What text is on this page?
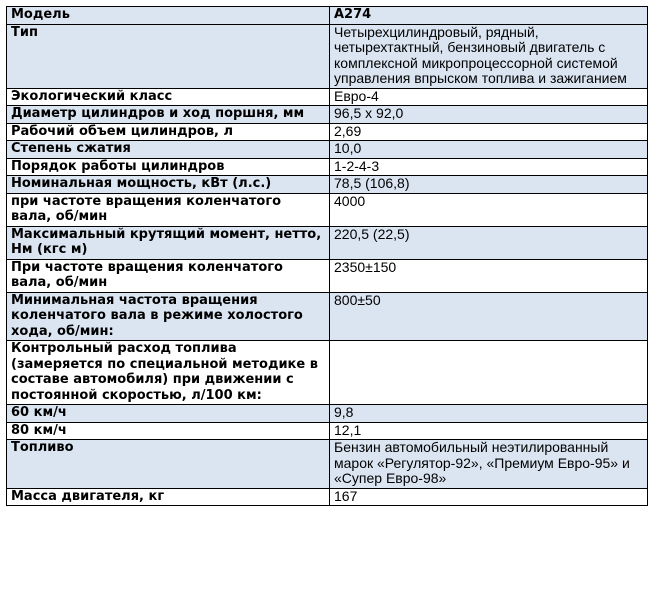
Модель	A274
Тип	Четырехцилиндровый, рядный, четырехтактный, бензиновый двигатель с комплексной микропроцессорной системой управления впрыском топлива и зажиганием
Экологический класс	Евро-4
Диаметр цилиндров и ход поршня, мм	96,5 х 92,0
Рабочий объем цилиндров, л	2,69
Степень сжатия	10,0
Порядок работы цилиндров	1-2-4-3
Номинальная мощность, кВт (л.с.)	78,5 (106,8)
при частоте вращения коленчатого вала, об/мин	4000
Максимальный крутящий момент, нетто, Нм (кгс м)	220,5 (22,5)
При частоте вращения коленчатого вала, об/мин	2350±150
Минимальная частота вращения коленчатого вала в режиме холостого хода, об/мин:	800±50
Контрольный расход топлива (замеряется по специальной методике в составе автомобиля) при движении с постоянной скоростью, л/100 км:	
60 км/ч	9,8
80 км/ч	12,1
Топливо	Бензин автомобильный неэтилированный марок «Регулятор-92», «Премиум Евро-95» и «Супер Евро-98»
Масса двигателя, кг	167
